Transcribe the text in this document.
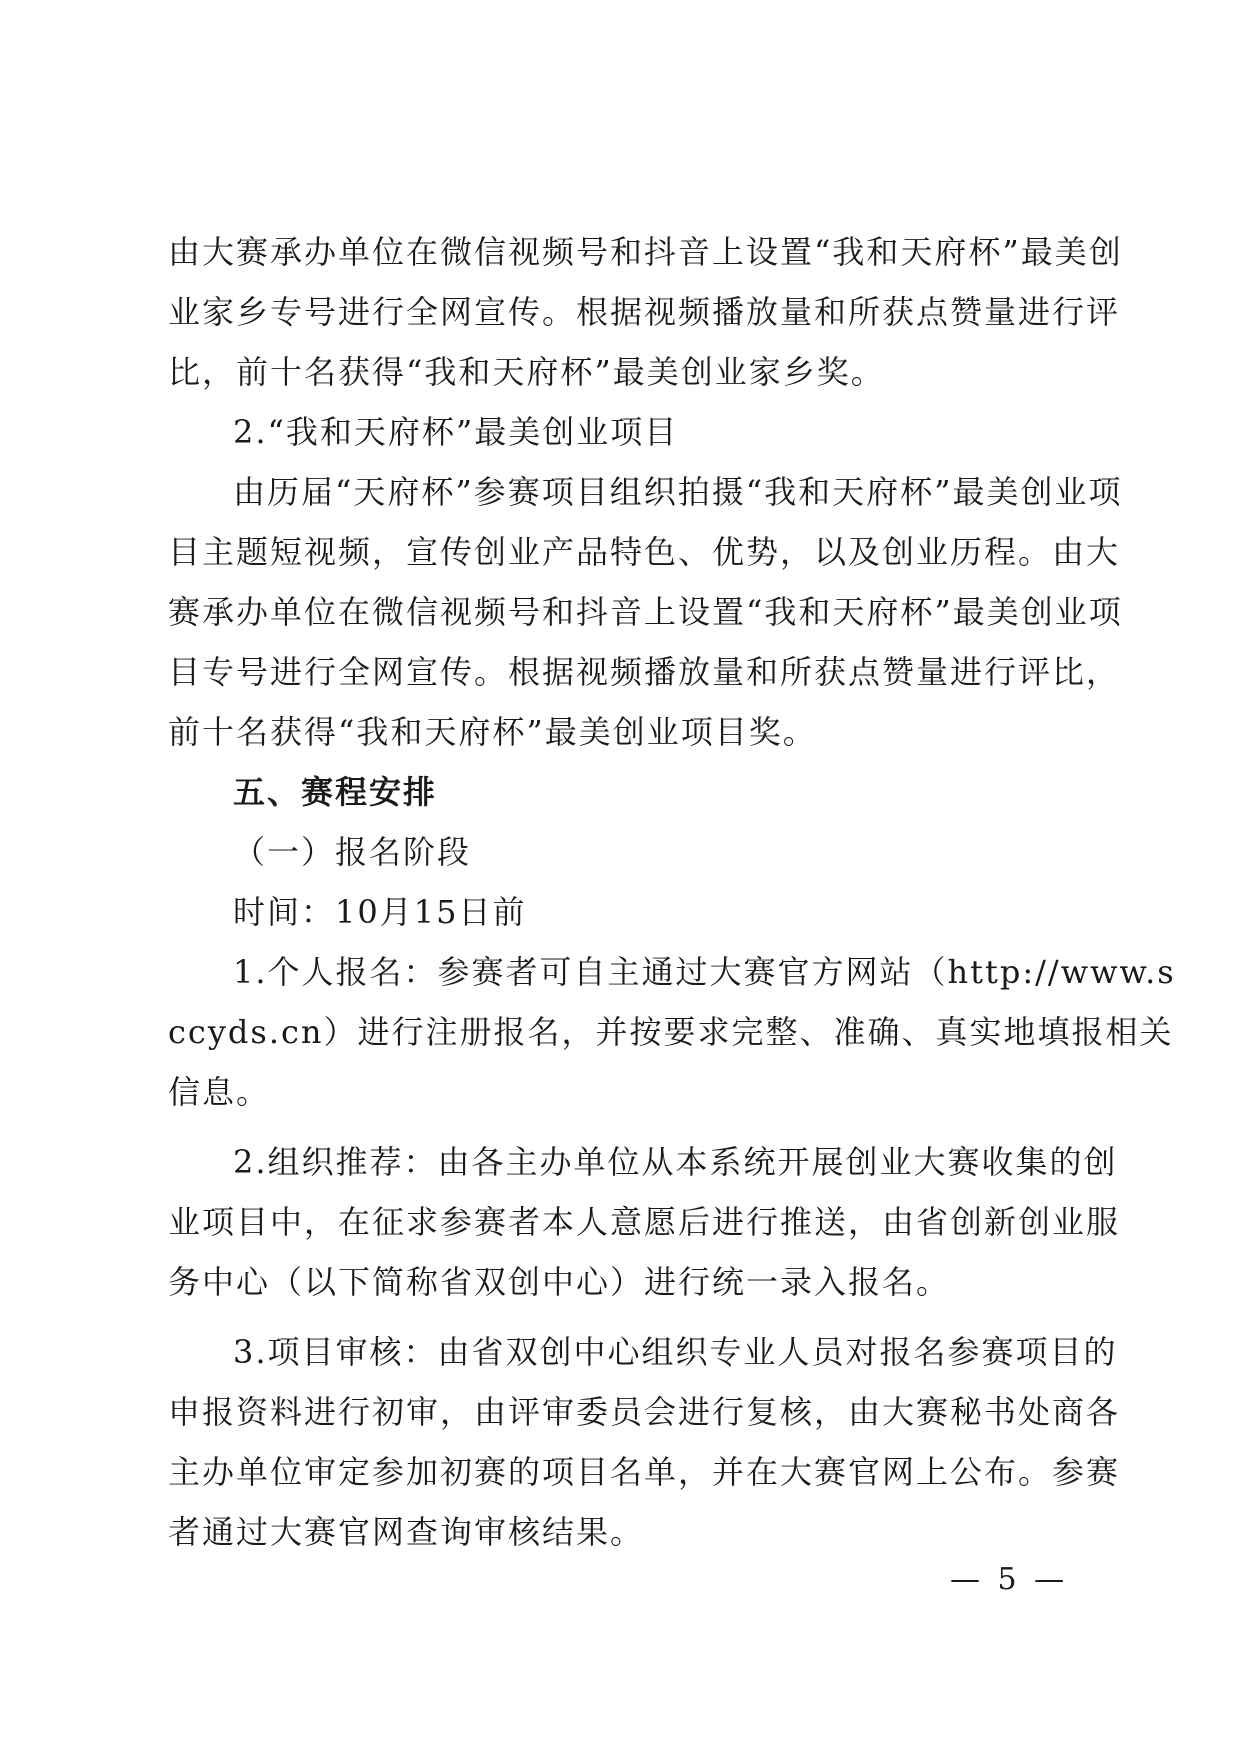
由大赛承办单位在微信视频号和抖音上设置“我和天府杯”最美创
业家乡专号进行全网宣传。根据视频播放量和所获点赞量进行评
比，前十名获得“我和天府杯”最美创业家乡奖。
2.“我和天府杯”最美创业项目
由历届“天府杯”参赛项目组织拍摄“我和天府杯”最美创业项
目主题短视频，宣传创业产品特色、优势，以及创业历程。由大
赛承办单位在微信视频号和抖音上设置“我和天府杯”最美创业项
目专号进行全网宣传。根据视频播放量和所获点赞量进行评比，
前十名获得“我和天府杯”最美创业项目奖。
五、赛程安排
（一）报名阶段
时间：10月15日前
1.个人报名：参赛者可自主通过大赛官方网站（http://www.s
ccyds.cn）进行注册报名，并按要求完整、准确、真实地填报相关
信息。
2.组织推荐：由各主办单位从本系统开展创业大赛收集的创
业项目中，在征求参赛者本人意愿后进行推送，由省创新创业服
务中心（以下简称省双创中心）进行统一录入报名。
3.项目审核：由省双创中心组织专业人员对报名参赛项目的
申报资料进行初审，由评审委员会进行复核，由大赛秘书处商各
主办单位审定参加初赛的项目名单，并在大赛官网上公布。参赛
者通过大赛官网查询审核结果。
— 5 —
